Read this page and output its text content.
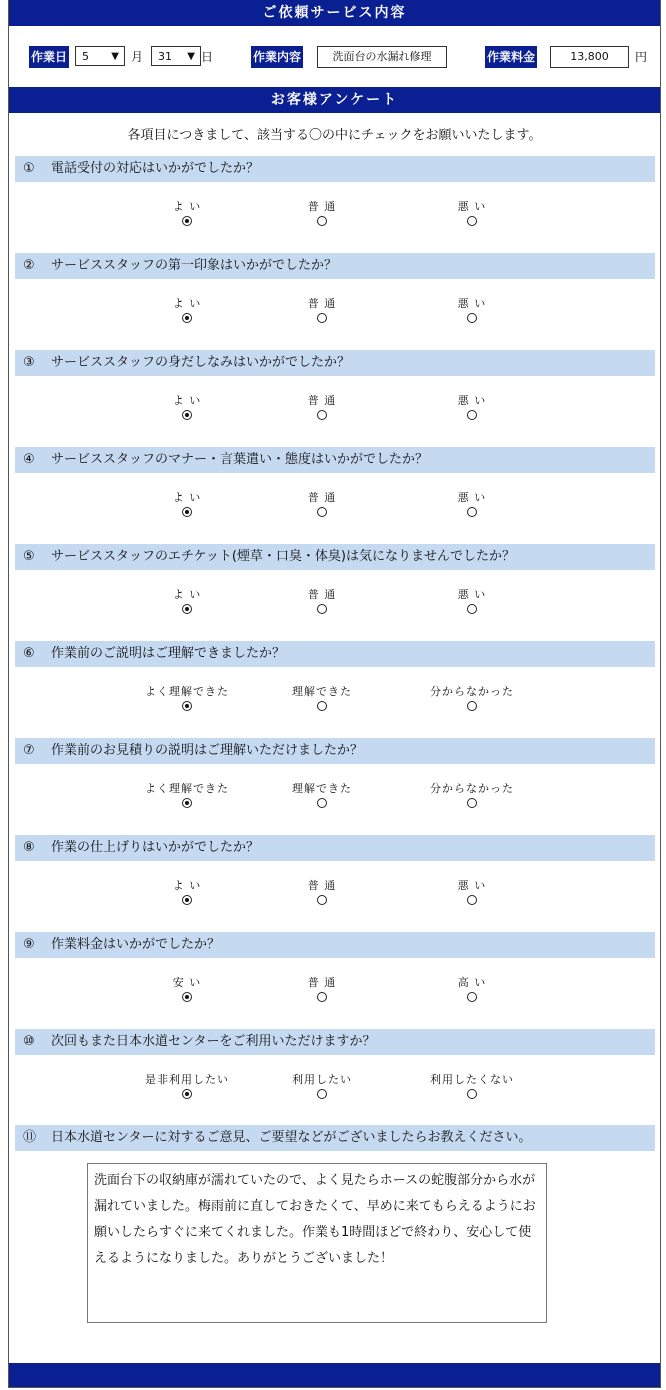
ご依頼サービス内容
作業日	5 ▼ 月	31 ▼ 日	作業内容	洗面台の水漏れ修理	作業料金	13,800	円
お客様アンケート
各項目につきまして、該当する〇の中にチェックをお願いいたします。
① 電話受付の対応はいかがでしたか？
よ い	普 通	悪 い
② サービススタッフの第一印象はいかがでしたか？
よ い	普 通	悪 い
③ サービススタッフの身だしなみはいかがでしたか？
よ い	普 通	悪 い
④ サービススタッフのマナー・言葉遣い・態度はいかがでしたか？
よ い	普 通	悪 い
⑤ サービススタッフのエチケット(煙草・口臭・体臭)は気になりませんでしたか？
よ い	普 通	悪 い
⑥ 作業前のご説明はご理解できましたか？
よく理解できた	理解できた	分からなかった
⑦ 作業前のお見積りの説明はご理解いただけましたか？
よく理解できた	理解できた	分からなかった
⑧ 作業の仕上げりはいかがでしたか？
よ い	普 通	悪 い
⑨ 作業料金はいかがでしたか？
安 い	普 通	高 い
⑩ 次回もまた日本水道センターをご利用いただけますか？
是非利用したい	利用したい	利用したくない
⑪ 日本水道センターに対するご意見、ご要望などがございましたらお教えください。
洗面台下の収納庫が濡れていたので、よく見たらホースの蛇腹部分から水が漏れていました。梅雨前に直しておきたくて、早めに来てもらえるようにお願いしたらすぐに来てくれました。作業も1時間ほどで終わり、安心して使えるようになりました。ありがとうございました！
